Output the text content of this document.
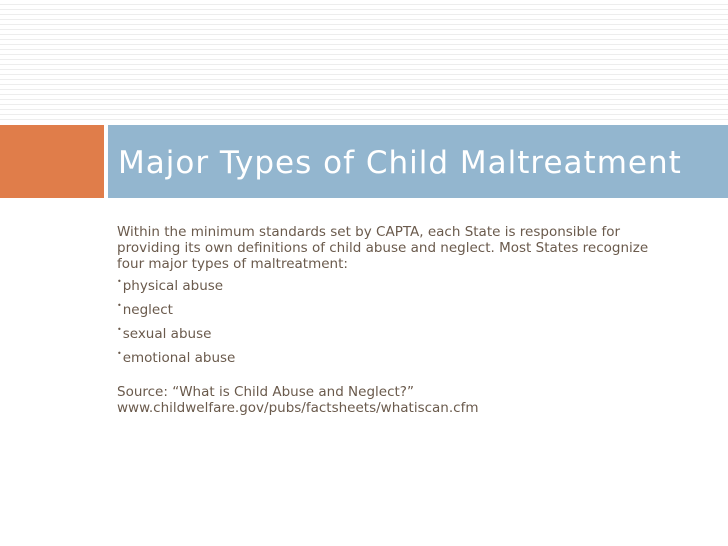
Major Types of Child Maltreatment

Within the minimum standards set by CAPTA, each State is responsible for providing its own definitions of child abuse and neglect. Most States recognize four major types of maltreatment:

•physical abuse
•neglect
•sexual abuse
•emotional abuse

Source: “What is Child Abuse and Neglect?”
www.childwelfare.gov/pubs/factsheets/whatiscan.cfm
